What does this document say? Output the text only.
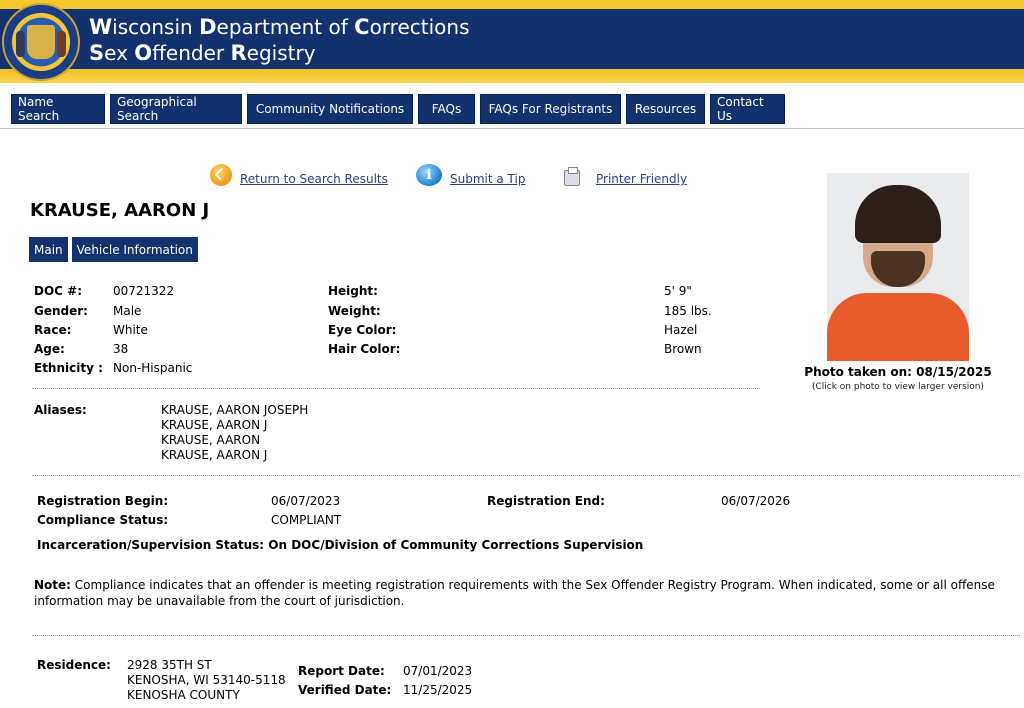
Wisconsin Department of Corrections
Sex Offender Registry
Name Search
Geographical Search	Community Notifications	FAQs	FAQs For Registrants	Resources	Contact Us
Return to Search Results	i	Submit a Tip	Printer Friendly
KRAUSE, AARON J
Main	Vehicle Information
Photo taken on: 08/15/2025
(Click on photo to view larger version)
DOC #:	00721322
Gender: Male
Race:	White
Age:	38
Ethnicity : Non-Hispanic
Height:	5' 9"
Weight:	185 lbs.
Eye Color:	Hazel
Hair Color:	Brown
Aliases:	KRAUSE, AARON JOSEPH
KRAUSE, AARON J
KRAUSE, AARON
KRAUSE, AARON J
Registration Begin:	06/07/2023	Registration End:	06/07/2026
Compliance Status:	COMPLIANT
Incarceration/Supervision Status: On DOC/Division of Community Corrections Supervision
Note: Compliance indicates that an offender is meeting registration requirements with the Sex Offender Registry Program. When indicated, some or all offense information may be unavailable from the court of jurisdiction.
Residence: 2928 35TH ST
KENOSHA, WI 53140-5118
KENOSHA COUNTY
Report Date: 07/01/2023
Verified Date: 11/25/2025
